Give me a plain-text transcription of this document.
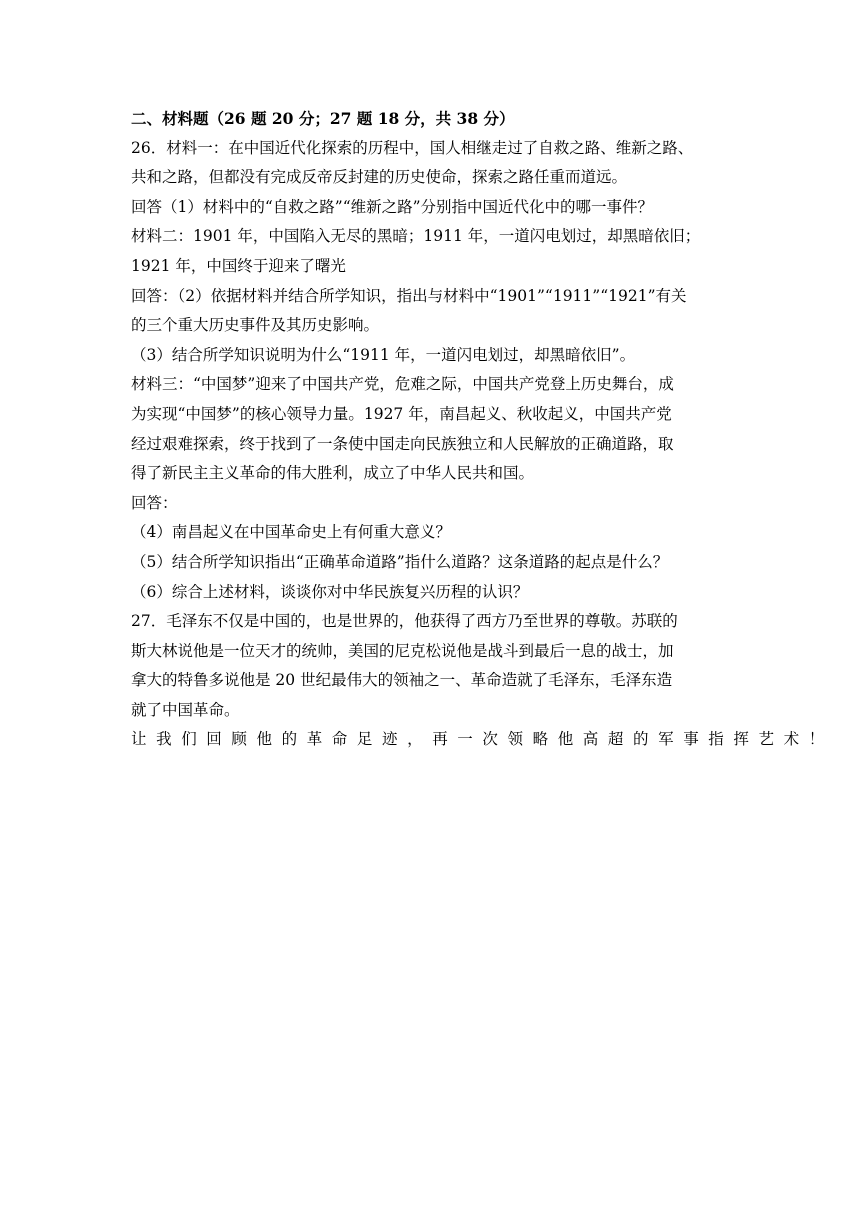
二、材料题（26 题 20 分；27 题 18 分，共 38 分）
26．材料一：在中国近代化探索的历程中，国人相继走过了自救之路、维新之路、
共和之路，但都没有完成反帝反封建的历史使命，探索之路任重而道远。
回答（1）材料中的“自救之路”“维新之路”分别指中国近代化中的哪一事件？
材料二：1901 年，中国陷入无尽的黑暗；1911 年，一道闪电划过，却黑暗依旧；
1921 年，中国终于迎来了曙光
回答：（2）依据材料并结合所学知识，指出与材料中“1901”“1911”“1921”有关
的三个重大历史事件及其历史影响。
（3）结合所学知识说明为什么“1911 年，一道闪电划过，却黑暗依旧”。
材料三：“中国梦”迎来了中国共产党，危难之际，中国共产党登上历史舞台，成
为实现“中国梦”的核心领导力量。1927 年，南昌起义、秋收起义，中国共产党
经过艰难探索，终于找到了一条使中国走向民族独立和人民解放的正确道路，取
得了新民主主义革命的伟大胜利，成立了中华人民共和国。
回答：
（4）南昌起义在中国革命史上有何重大意义？
（5）结合所学知识指出“正确革命道路”指什么道路？这条道路的起点是什么？
（6）综合上述材料，谈谈你对中华民族复兴历程的认识？
27．毛泽东不仅是中国的，也是世界的，他获得了西方乃至世界的尊敬。苏联的
斯大林说他是一位天才的统帅，美国的尼克松说他是战斗到最后一息的战士，加
拿大的特鲁多说他是 20 世纪最伟大的领袖之一、革命造就了毛泽东，毛泽东造
就了中国革命。
让我们回顾他的革命足迹，再一次领略他高超的军事指挥艺术！
